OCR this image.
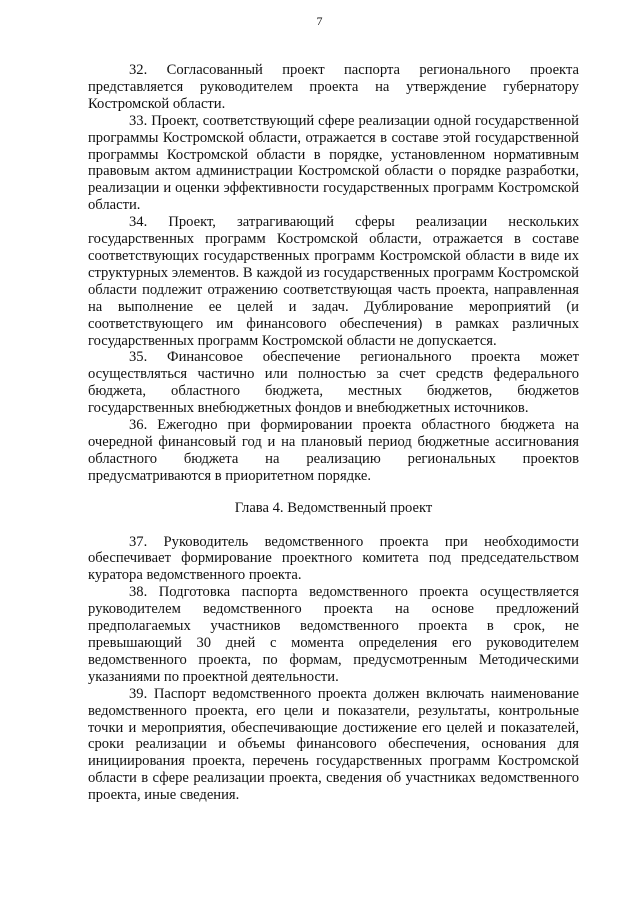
7

32. Согласованный проект паспорта регионального проекта представляется руководителем проекта на утверждение губернатору Костромской области.

33. Проект, соответствующий сфере реализации одной государственной программы Костромской области, отражается в составе этой государственной программы Костромской области в порядке, установленном нормативным правовым актом администрации Костромской области о порядке разработки, реализации и оценки эффективности государственных программ Костромской области.

34. Проект, затрагивающий сферы реализации нескольких государственных программ Костромской области, отражается в составе соответствующих государственных программ Костромской области в виде их структурных элементов. В каждой из государственных программ Костромской области подлежит отражению соответствующая часть проекта, направленная на выполнение ее целей и задач. Дублирование мероприятий (и соответствующего им финансового обеспечения) в рамках различных государственных программ Костромской области не допускается.

35. Финансовое обеспечение регионального проекта может осуществляться частично или полностью за счет средств федерального бюджета, областного бюджета, местных бюджетов, бюджетов государственных внебюджетных фондов и внебюджетных источников.

36. Ежегодно при формировании проекта областного бюджета на очередной финансовый год и на плановый период бюджетные ассигнования областного бюджета на реализацию региональных проектов предусматриваются в приоритетном порядке.

Глава 4. Ведомственный проект

37. Руководитель ведомственного проекта при необходимости обеспечивает формирование проектного комитета под председательством куратора ведомственного проекта.

38. Подготовка паспорта ведомственного проекта осуществляется руководителем ведомственного проекта на основе предложений предполагаемых участников ведомственного проекта в срок, не превышающий 30 дней с момента определения его руководителем ведомственного проекта, по формам, предусмотренным Методическими указаниями по проектной деятельности.

39. Паспорт ведомственного проекта должен включать наименование ведомственного проекта, его цели и показатели, результаты, контрольные точки и мероприятия, обеспечивающие достижение его целей и показателей, сроки реализации и объемы финансового обеспечения, основания для инициирования проекта, перечень государственных программ Костромской области в сфере реализации проекта, сведения об участниках ведомственного проекта, иные сведения.
